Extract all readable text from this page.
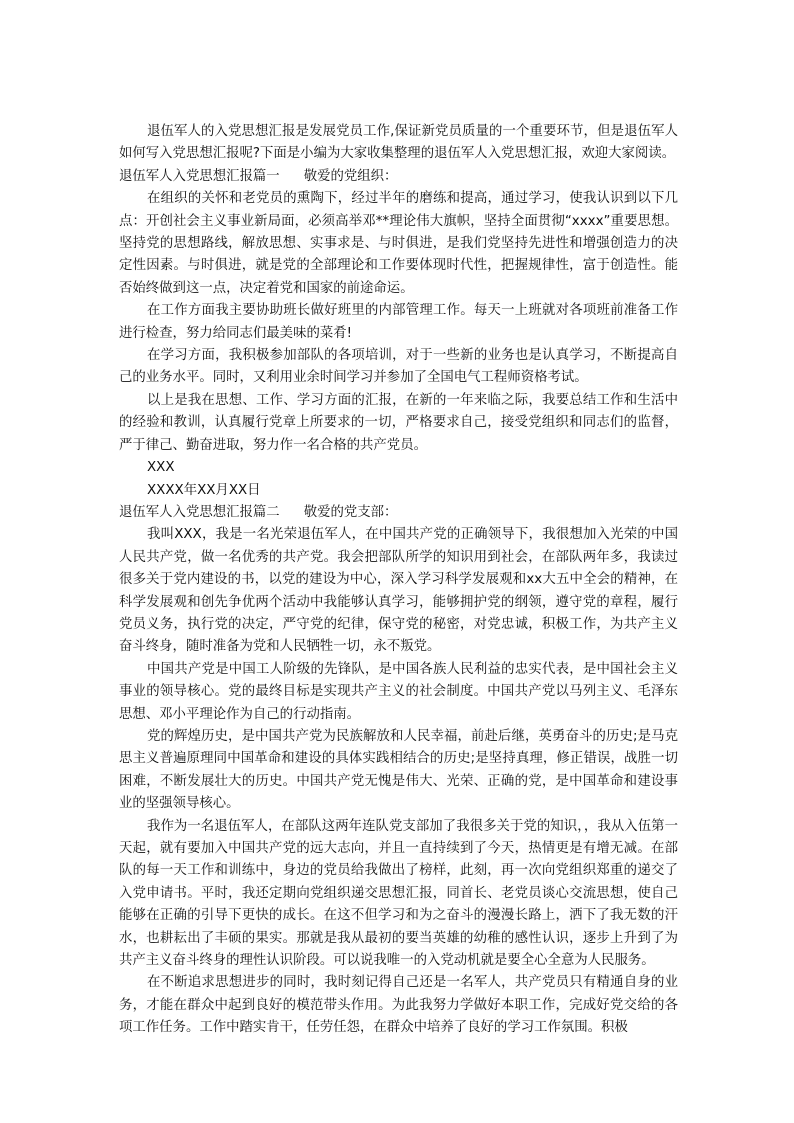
退伍军人的入党思想汇报是发展党员工作,保证新党员质量的一个重要环节，但是退伍军人如何写入党思想汇报呢?下面是小编为大家收集整理的退伍军人入党思想汇报，欢迎大家阅读。

退伍军人入党思想汇报篇一 敬爱的党组织：

在组织的关怀和老党员的熏陶下，经过半年的磨练和提高，通过学习，使我认识到以下几点：开创社会主义事业新局面，必须高举邓**理论伟大旗帜，坚持全面贯彻“xxxx”重要思想。坚持党的思想路线，解放思想、实事求是、与时俱进，是我们党坚持先进性和增强创造力的决定性因素。与时俱进，就是党的全部理论和工作要体现时代性，把握规律性，富于创造性。能否始终做到这一点，决定着党和国家的前途命运。

在工作方面我主要协助班长做好班里的内部管理工作。每天一上班就对各项班前准备工作进行检查，努力给同志们最美味的菜肴!

在学习方面，我积极参加部队的各项培训，对于一些新的业务也是认真学习，不断提高自己的业务水平。同时，又利用业余时间学习并参加了全国电气工程师资格考试。

以上是我在思想、工作、学习方面的汇报，在新的一年来临之际，我要总结工作和生活中的经验和教训，认真履行党章上所要求的一切，严格要求自己，接受党组织和同志们的监督，严于律己、勤奋进取，努力作一名合格的共产党员。

XXX

XXXX年XX月XX日

退伍军人入党思想汇报篇二 敬爱的党支部：

我叫XXX，我是一名光荣退伍军人，在中国共产党的正确领导下，我很想加入光荣的中国人民共产党，做一名优秀的共产党。我会把部队所学的知识用到社会，在部队两年多，我读过很多关于党内建设的书，以党的建设为中心，深入学习科学发展观和xx大五中全会的精神，在科学发展观和创先争优两个活动中我能够认真学习，能够拥护党的纲领，遵守党的章程，履行党员义务，执行党的决定，严守党的纪律，保守党的秘密，对党忠诚，积极工作，为共产主义奋斗终身，随时准备为党和人民牺牲一切，永不叛党。

中国共产党是中国工人阶级的先锋队，是中国各族人民利益的忠实代表，是中国社会主义事业的领导核心。党的最终目标是实现共产主义的社会制度。中国共产党以马列主义、毛泽东思想、邓小平理论作为自己的行动指南。

党的辉煌历史，是中国共产党为民族解放和人民幸福，前赴后继，英勇奋斗的历史;是马克思主义普遍原理同中国革命和建设的具体实践相结合的历史;是坚持真理，修正错误，战胜一切困难，不断发展壮大的历史。中国共产党无愧是伟大、光荣、正确的党，是中国革命和建设事业的坚强领导核心。

我作为一名退伍军人，在部队这两年连队党支部加了我很多关于党的知识，，我从入伍第一天起，就有要加入中国共产党的远大志向，并且一直持续到了今天，热情更是有增无减。在部队的每一天工作和训练中，身边的党员给我做出了榜样，此刻，再一次向党组织郑重的递交了入党申请书。平时，我还定期向党组织递交思想汇报，同首长、老党员谈心交流思想，使自己能够在正确的引导下更快的成长。在这不但学习和为之奋斗的漫漫长路上，洒下了我无数的汗水，也耕耘出了丰硕的果实。那就是我从最初的要当英雄的幼稚的感性认识，逐步上升到了为共产主义奋斗终身的理性认识阶段。可以说我唯一的入党动机就是要全心全意为人民服务。

在不断追求思想进步的同时，我时刻记得自己还是一名军人，共产党员只有精通自身的业务，才能在群众中起到良好的模范带头作用。为此我努力学做好本职工作，完成好党交给的各项工作任务。工作中踏实肯干，任劳任怨，在群众中培养了良好的学习工作氛围。积极
